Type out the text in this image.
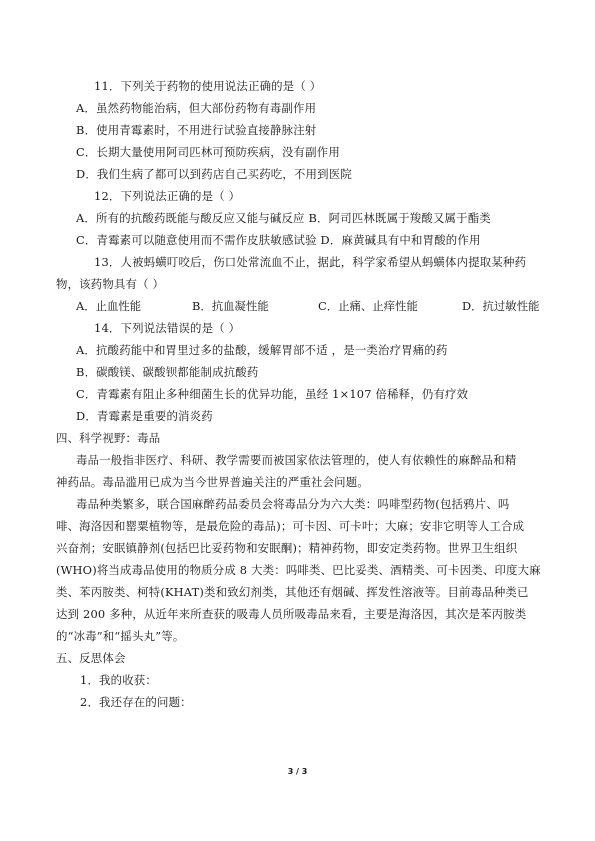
11．下列关于药物的使用说法正确的是（ ）
A．虽然药物能治病，但大部份药物有毒副作用
B．使用青霉素时，不用进行试验直接静脉注射
C．长期大量使用阿司匹林可预防疾病，没有副作用
D．我们生病了都可以到药店自己买药吃，不用到医院
12．下列说法正确的是（ ）
A．所有的抗酸药既能与酸反应又能与碱反应 B．阿司匹林既属于羧酸又属于酯类
C．青霉素可以随意使用而不需作皮肤敏感试验 D．麻黄碱具有中和胃酸的作用
13．人被蚂蟥叮咬后，伤口处常流血不止，据此，科学家希望从蚂蟥体内提取某种药
物，该药物具有（ ）
A．止血性能	B．抗血凝性能	C．止痛、止痒性能	D．抗过敏性能
14．下列说法错误的是（ ）
A．抗酸药能中和胃里过多的盐酸，缓解胃部不适 ，是一类治疗胃痛的药
B．碳酸镁、碳酸钡都能制成抗酸药
C．青霉素有阻止多种细菌生长的优异功能，虽经 1×107 倍稀释，仍有疗效
D．青霉素是重要的消炎药
四、科学视野：毒品
毒品一般指非医疗、科研、教学需要而被国家依法管理的，使人有依赖性的麻醉品和精
神药品。毒品滥用已成为当今世界普遍关注的严重社会问题。
毒品种类繁多，联合国麻醉药品委员会将毒品分为六大类：吗啡型药物(包括鸦片、吗
啡、海洛因和罂粟植物等，是最危险的毒品)；可卡因、可卡叶；大麻；安非它明等人工合成
兴奋剂；安眠镇静剂(包括巴比妥药物和安眠酮)；精神药物，即安定类药物。世界卫生组织
(WHO)将当成毒品使用的物质分成 8 大类：吗啡类、巴比妥类、酒精类、可卡因类、印度大麻
类、苯丙胺类、柯特(KHAT)类和致幻剂类，其他还有烟碱、挥发性溶液等。目前毒品种类已
达到 200 多种，从近年来所查获的吸毒人员所吸毒品来看，主要是海洛因，其次是苯丙胺类
的“冰毒”和“摇头丸”等。
五、反思体会
1．我的收获：
2．我还存在的问题：
3 / 3
